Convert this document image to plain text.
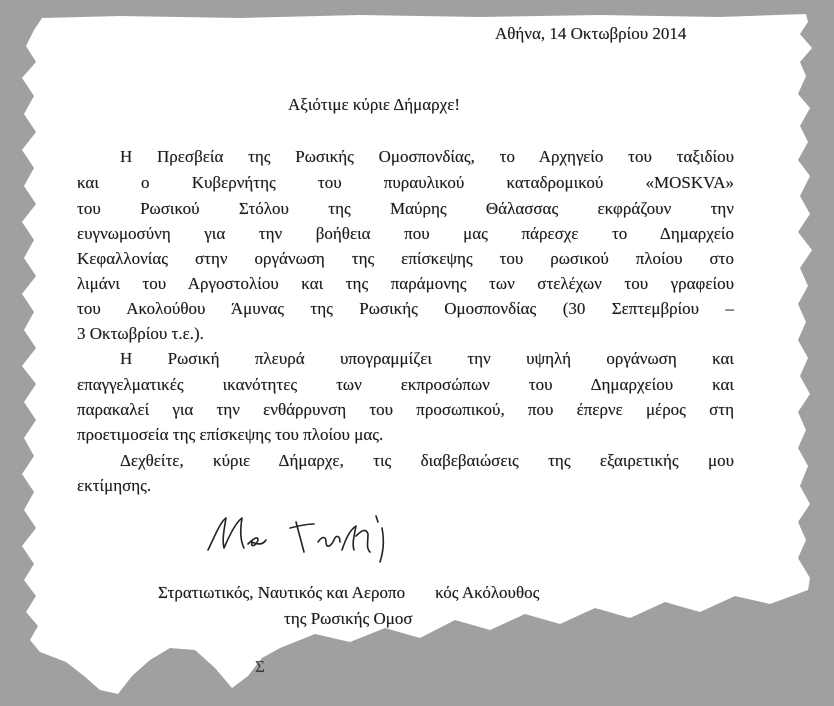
Αθήνα, 14 Οκτωβρίου 2014
Αξιότιμε κύριε Δήμαρχε!
Η Πρεσβεία της Ρωσικής Ομοσπονδίας, το Αρχηγείο του ταξιδίου
και ο Κυβερνήτης του πυραυλικού καταδρομικού «MOSKVA»
του Ρωσικού Στόλου της Μαύρης Θάλασσας εκφράζουν την
ευγνωμοσύνη για την βοήθεια που μας πάρεσχε το Δημαρχείο
Κεφαλλονίας στην οργάνωση της επίσκεψης του ρωσικού πλοίου στο
λιμάνι του Αργοστολίου και της παράμονης των στελέχων του γραφείου
του Ακολούθου Άμυνας της Ρωσικής Ομοσπονδίας (30 Σεπτεμβρίου –
3 Οκτωβρίου τ.ε.).
Η Ρωσική πλευρά υπογραμμίζει την υψηλή οργάνωση και
επαγγελματικές ικανότητες των εκπροσώπων του Δημαρχείου και
παρακαλεί για την ενθάρρυνση του προσωπικού, που έπερνε μέρος στη
προετιμοσεία της επίσκεψης του πλοίου μας.
Δεχθείτε, κύριε Δήμαρχε, τις διαβεβαιώσεις της εξαιρετικής μου
εκτίμησης.
Στρατιωτικός, Ναυτικός και Αεροπο κός Ακόλουθος
της Ρωσικής Ομοσ
Σ
